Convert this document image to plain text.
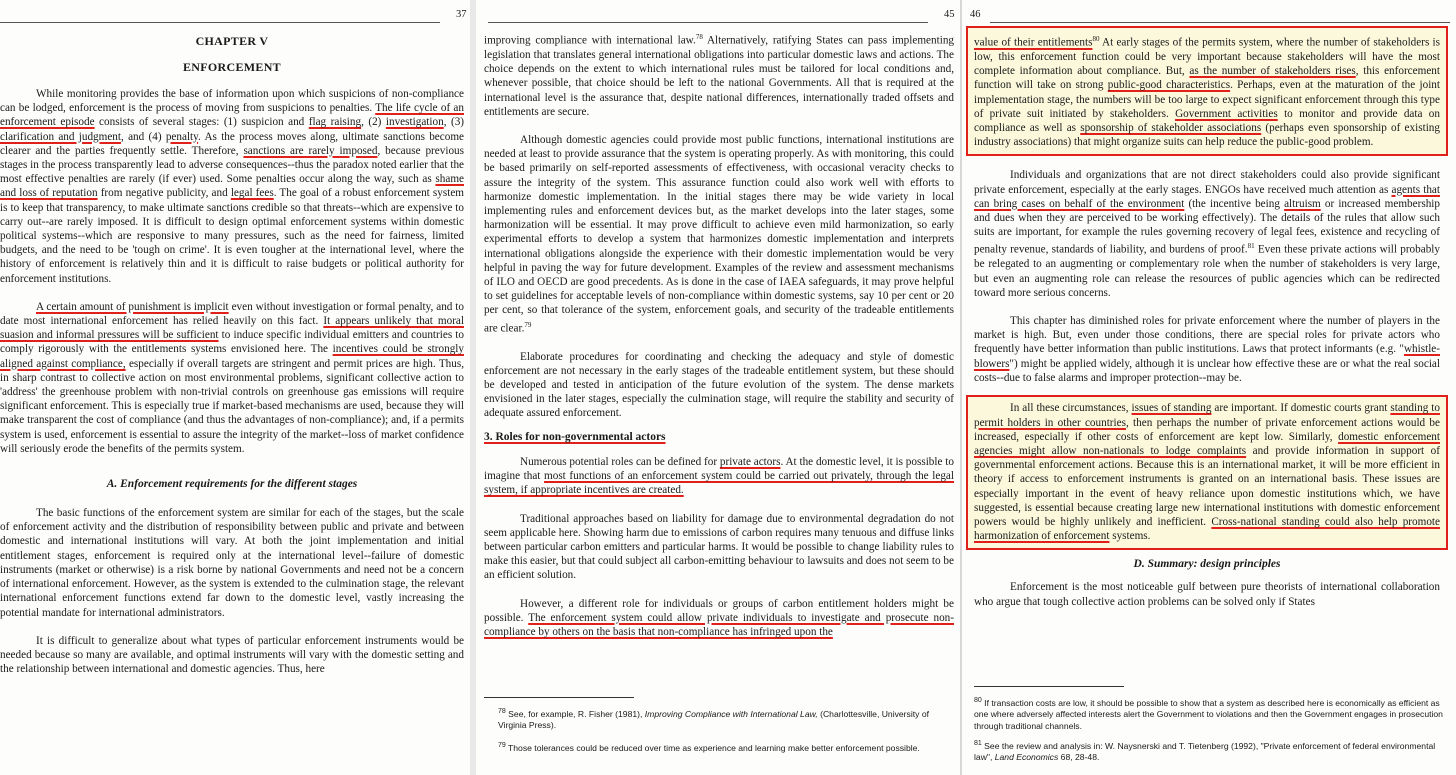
37
CHAPTER V
ENFORCEMENT

While monitoring provides the base of information upon which suspicions of non-compliance can be lodged, enforcement is the process of moving from suspicions to penalties. The life cycle of an enforcement episode consists of several stages: (1) suspicion and flag raising, (2) investigation, (3) clarification and judgment, and (4) penalty. As the process moves along, ultimate sanctions become clearer and the parties frequently settle. Therefore, sanctions are rarely imposed, because previous stages in the process transparently lead to adverse consequences--thus the paradox noted earlier that the most effective penalties are rarely (if ever) used. Some penalties occur along the way, such as shame and loss of reputation from negative publicity, and legal fees. The goal of a robust enforcement system is to keep that transparency, to make ultimate sanctions credible so that threats--which are expensive to carry out--are rarely imposed. It is difficult to design optimal enforcement systems within domestic political systems--which are responsive to many pressures, such as the need for fairness, limited budgets, and the need to be 'tough on crime'. It is even tougher at the international level, where the history of enforcement is relatively thin and it is difficult to raise budgets or political authority for enforcement institutions.

A certain amount of punishment is implicit even without investigation or formal penalty, and to date most international enforcement has relied heavily on this fact. It appears unlikely that moral suasion and informal pressures will be sufficient to induce specific individual emitters and countries to comply rigorously with the entitlements systems envisioned here. The incentives could be strongly aligned against compliance, especially if overall targets are stringent and permit prices are high. Thus, in sharp contrast to collective action on most environmental problems, significant collective action to 'address' the greenhouse problem with non-trivial controls on greenhouse gas emissions will require significant enforcement. This is especially true if market-based mechanisms are used, because they will make transparent the cost of compliance (and thus the advantages of non-compliance); and, if a permits system is used, enforcement is essential to assure the integrity of the market--loss of market confidence will seriously erode the benefits of the permits system.

A. Enforcement requirements for the different stages

The basic functions of the enforcement system are similar for each of the stages, but the scale of enforcement activity and the distribution of responsibility between public and private and between domestic and international institutions will vary. At both the joint implementation and initial entitlement stages, enforcement is required only at the international level--failure of domestic instruments (market or otherwise) is a risk borne by national Governments and need not be a concern of international enforcement. However, as the system is extended to the culmination stage, the relevant international enforcement functions extend far down to the domestic level, vastly increasing the potential mandate for international administrators.

It is difficult to generalize about what types of particular enforcement instruments would be needed because so many are available, and optimal instruments will vary with the domestic setting and the relationship between international and domestic agencies. Thus, here

45

improving compliance with international law.$^{78}$ Alternatively, ratifying States can pass implementing legislation that translates general international obligations into particular domestic laws and actions. The choice depends on the extent to which international rules must be tailored for local conditions and, whenever possible, that choice should be left to the national Governments. All that is required at the international level is the assurance that, despite national differences, internationally traded offsets and entitlements are secure.

Although domestic agencies could provide most public functions, international institutions are needed at least to provide assurance that the system is operating properly. As with monitoring, this could be based primarily on self-reported assessments of effectiveness, with occasional veracity checks to assure the integrity of the system. This assurance function could also work well with efforts to harmonize domestic implementation. In the initial stages there may be wide variety in local implementing rules and enforcement devices but, as the market develops into the later stages, some harmonization will be essential. It may prove difficult to achieve even mild harmonization, so early experimental efforts to develop a system that harmonizes domestic implementation and interprets international obligations alongside the experience with their domestic implementation would be very helpful in paving the way for future development. Examples of the review and assessment mechanisms of ILO and OECD are good precedents. As is done in the case of IAEA safeguards, it may prove helpful to set guidelines for acceptable levels of non-compliance within domestic systems, say 10 per cent or 20 per cent, so that tolerance of the system, enforcement goals, and security of the tradeable entitlements are clear.$^{79}$

Elaborate procedures for coordinating and checking the adequacy and style of domestic enforcement are not necessary in the early stages of the tradeable entitlement system, but these should be developed and tested in anticipation of the future evolution of the system. The dense markets envisioned in the later stages, especially the culmination stage, will require the stability and security of adequate assured enforcement.

3. Roles for non-governmental actors

Numerous potential roles can be defined for private actors. At the domestic level, it is possible to imagine that most functions of an enforcement system could be carried out privately, through the legal system, if appropriate incentives are created.

Traditional approaches based on liability for damage due to environmental degradation do not seem applicable here. Showing harm due to emissions of carbon requires many tenuous and diffuse links between particular carbon emitters and particular harms. It would be possible to change liability rules to make this easier, but that could subject all carbon-emitting behaviour to lawsuits and does not seem to be an efficient solution.

However, a different role for individuals or groups of carbon entitlement holders might be possible. The enforcement system could allow private individuals to investigate and prosecute non-compliance by others on the basis that non-compliance has infringed upon the

$^{78}$ See, for example, R. Fisher (1981), Improving Compliance with International Law, (Charlottesville, University of Virginia Press).

$^{79}$ Those tolerances could be reduced over time as experience and learning make better enforcement possible.

46

value of their entitlements$^{80}$ At early stages of the permits system, where the number of stakeholders is low, this enforcement function could be very important because stakeholders will have the most complete information about compliance. But, as the number of stakeholders rises, this enforcement function will take on strong public-good characteristics. Perhaps, even at the maturation of the joint implementation stage, the numbers will be too large to expect significant enforcement through this type of private suit initiated by stakeholders. Government activities to monitor and provide data on compliance as well as sponsorship of stakeholder associations (perhaps even sponsorship of existing industry associations) that might organize suits can help reduce the public-good problem.

Individuals and organizations that are not direct stakeholders could also provide significant private enforcement, especially at the early stages. ENGOs have received much attention as agents that can bring cases on behalf of the environment (the incentive being altruism or increased membership and dues when they are perceived to be working effectively). The details of the rules that allow such suits are important, for example the rules governing recovery of legal fees, existence and recycling of penalty revenue, standards of liability, and burdens of proof.$^{81}$ Even these private actions will probably be relegated to an augmenting or complementary role when the number of stakeholders is very large, but even an augmenting role can release the resources of public agencies which can be redirected toward more serious concerns.

This chapter has diminished roles for private enforcement where the number of players in the market is high. But, even under those conditions, there are special roles for private actors who frequently have better information than public institutions. Laws that protect informants (e.g. "whistle-blowers") might be applied widely, although it is unclear how effective these are or what the real social costs--due to false alarms and improper protection--may be.

In all these circumstances, issues of standing are important. If domestic courts grant standing to permit holders in other countries, then perhaps the number of private enforcement actions would be increased, especially if other costs of enforcement are kept low. Similarly, domestic enforcement agencies might allow non-nationals to lodge complaints and provide information in support of governmental enforcement actions. Because this is an international market, it will be more efficient in theory if access to enforcement instruments is granted on an international basis. These issues are especially important in the event of heavy reliance upon domestic institutions which, we have suggested, is essential because creating large new international institutions with domestic enforcement powers would be highly unlikely and inefficient. Cross-national standing could also help promote harmonization of enforcement systems.

D. Summary: design principles

Enforcement is the most noticeable gulf between pure theorists of international collaboration who argue that tough collective action problems can be solved only if States

$^{80}$ If transaction costs are low, it should be possible to show that a system as described here is economically as efficient as one where adversely affected interests alert the Government to violations and then the Government engages in prosecution through traditional channels.

$^{81}$ See the review and analysis in: W. Naysnerski and T. Tietenberg (1992), "Private enforcement of federal environmental law", Land Economics 68, 28-48.
